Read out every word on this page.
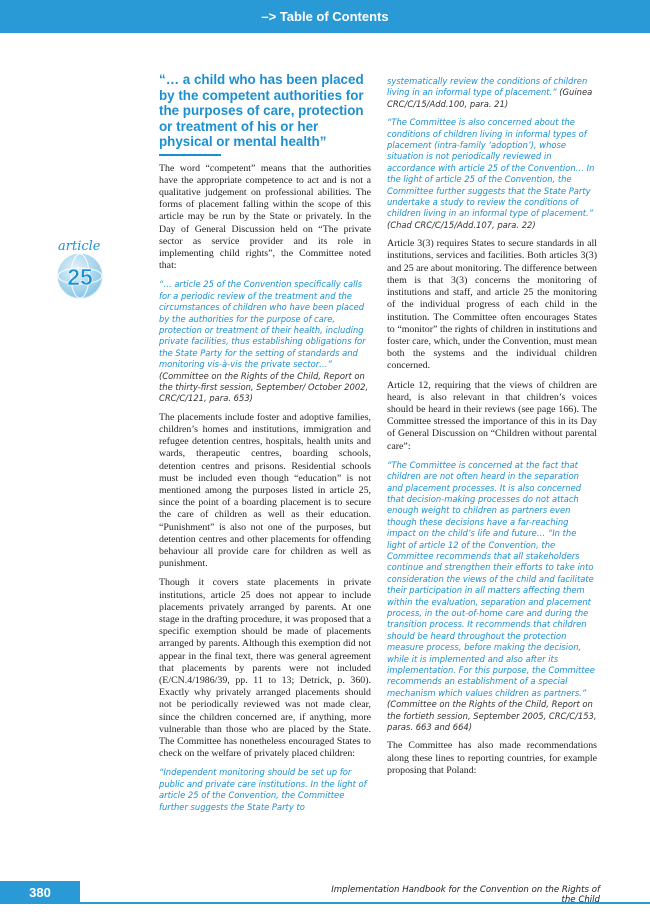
–> Table of Contents
article
25
“… a child who has been placed by the competent authorities for the purposes of care, protection or treatment of his or her physical or mental health”

The word “competent” means that the authorities have the appropriate competence to act and is not a qualitative judgement on professional abilities. The forms of placement falling within the scope of this article may be run by the State or privately. In the Day of General Discussion held on “The private sector as service provider and its role in implementing child rights”, the Committee noted that:

“… article 25 of the Convention specifically calls for a periodic review of the treatment and the circumstances of children who have been placed by the authorities for the purpose of care, protection or treatment of their health, including private facilities, thus establishing obligations for the State Party for the setting of standards and monitoring vis-à-vis the private sector…” (Committee on the Rights of the Child, Report on the thirty-first session, September/ October 2002, CRC/C/121, para. 653)

The placements include foster and adoptive families, children’s homes and institutions, immigration and refugee detention centres, hospitals, health units and wards, therapeutic centres, boarding schools, detention centres and prisons. Residential schools must be included even though “education” is not mentioned among the purposes listed in article 25, since the point of a boarding placement is to secure the care of children as well as their education. “Punishment” is also not one of the purposes, but detention centres and other placements for offending behaviour all provide care for children as well as punishment.

Though it covers state placements in private institutions, article 25 does not appear to include placements privately arranged by parents. At one stage in the drafting procedure, it was proposed that a specific exemption should be made of placements arranged by parents. Although this exemption did not appear in the final text, there was general agreement that placements by parents were not included (E/CN.4/1986/39, pp. 11 to 13; Detrick, p. 360). Exactly why privately arranged placements should not be periodically reviewed was not made clear, since the children concerned are, if anything, more vulnerable than those who are placed by the State. The Committee has nonetheless encouraged States to check on the welfare of privately placed children:

“Independent monitoring should be set up for public and private care institutions. In the light of article 25 of the Convention, the Committee further suggests the State Party to

systematically review the conditions of children living in an informal type of placement.” (Guinea CRC/C/15/Add.100, para. 21)

“The Committee is also concerned about the conditions of children living in informal types of placement (intra-family ‘adoption’), whose situation is not periodically reviewed in accordance with article 25 of the Convention… In the light of article 25 of the Convention, the Committee further suggests that the State Party undertake a study to review the conditions of children living in an informal type of placement.” (Chad CRC/C/15/Add.107, para. 22)

Article 3(3) requires States to secure standards in all institutions, services and facilities. Both articles 3(3) and 25 are about monitoring. The difference between them is that 3(3) concerns the monitoring of institutions and staff, and article 25 the monitoring of the individual progress of each child in the institution. The Committee often encourages States to “monitor” the rights of children in institutions and foster care, which, under the Convention, must mean both the systems and the individual children concerned.

Article 12, requiring that the views of children are heard, is also relevant in that children’s voices should be heard in their reviews (see page 166). The Committee stressed the importance of this in its Day of General Discussion on “Children without parental care”:

“The Committee is concerned at the fact that children are not often heard in the separation and placement processes. It is also concerned that decision-making processes do not attach enough weight to children as partners even though these decisions have a far-reaching impact on the child’s life and future… “In the light of article 12 of the Convention, the Committee recommends that all stakeholders continue and strengthen their efforts to take into consideration the views of the child and facilitate their participation in all matters affecting them within the evaluation, separation and placement process, in the out-of-home care and during the transition process. It recommends that children should be heard throughout the protection measure process, before making the decision, while it is implemented and also after its implementation. For this purpose, the Committee recommends an establishment of a special mechanism which values children as partners.” (Committee on the Rights of the Child, Report on the fortieth session, September 2005, CRC/C/153, paras. 663 and 664)

The Committee has also made recommendations along these lines to reporting countries, for example proposing that Poland:

380	Implementation Handbook for the Convention on the Rights of the Child
